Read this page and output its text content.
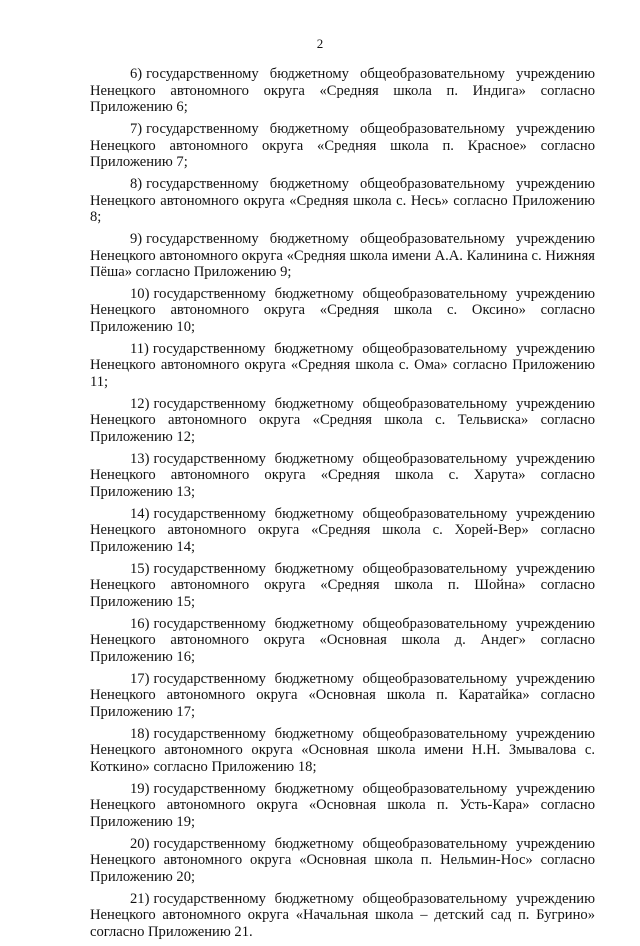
2

6) государственному бюджетному общеобразовательному учреждению Ненецкого автономного округа «Средняя школа п. Индига» согласно Приложению 6;

7) государственному бюджетному общеобразовательному учреждению Ненецкого автономного округа «Средняя школа п. Красное» согласно Приложению 7;

8) государственному бюджетному общеобразовательному учреждению Ненецкого автономного округа «Средняя школа с. Несь» согласно Приложению 8;

9) государственному бюджетному общеобразовательному учреждению Ненецкого автономного округа «Средняя школа имени А.А. Калинина с. Нижняя Пёша» согласно Приложению 9;

10) государственному бюджетному общеобразовательному учреждению Ненецкого автономного округа «Средняя школа с. Оксино» согласно Приложению 10;

11) государственному бюджетному общеобразовательному учреждению Ненецкого автономного округа «Средняя школа с. Ома» согласно Приложению 11;

12) государственному бюджетному общеобразовательному учреждению Ненецкого автономного округа «Средняя школа с. Тельвиска» согласно Приложению 12;

13) государственному бюджетному общеобразовательному учреждению Ненецкого автономного округа «Средняя школа с. Харута» согласно Приложению 13;

14) государственному бюджетному общеобразовательному учреждению Ненецкого автономного округа «Средняя школа с. Хорей-Вер» согласно Приложению 14;

15) государственному бюджетному общеобразовательному учреждению Ненецкого автономного округа «Средняя школа п. Шойна» согласно Приложению 15;

16) государственному бюджетному общеобразовательному учреждению Ненецкого автономного округа «Основная школа д. Андег» согласно Приложению 16;

17) государственному бюджетному общеобразовательному учреждению Ненецкого автономного округа «Основная школа п. Каратайка» согласно Приложению 17;

18) государственному бюджетному общеобразовательному учреждению Ненецкого автономного округа «Основная школа имени Н.Н. Змывалова с. Коткино» согласно Приложению 18;

19) государственному бюджетному общеобразовательному учреждению Ненецкого автономного округа «Основная школа п. Усть-Кара» согласно Приложению 19;

20) государственному бюджетному общеобразовательному учреждению Ненецкого автономного округа «Основная школа п. Нельмин-Нос» согласно Приложению 20;

21) государственному бюджетному общеобразовательному учреждению Ненецкого автономного округа «Начальная школа – детский сад п. Бугрино» согласно Приложению 21.
